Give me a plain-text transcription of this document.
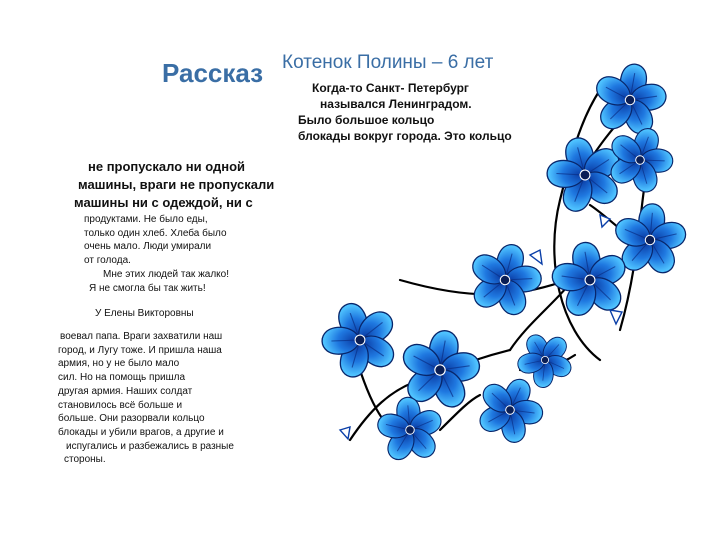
Рассказ Котенок Полины – 6 лет
Когда-то Санкт- Петербург
назывался Ленинградом.
Было большое кольцо
блокады вокруг города. Это кольцо
не пропускало ни одной
машины, враги не пропускали
машины ни с одеждой, ни с
продуктами. Не было еды,
только один хлеб. Хлеба было
очень мало. Люди умирали
от голода.
Мне этих людей так жалко!
Я не смогла бы так жить!
У Елены Викторовны
воевал папа. Враги захватили наш
город, и Лугу тоже. И пришла наша
армия, но у не было мало
сил. Но на помощь пришла
другая армия. Наших солдат
становилось всё больше и
больше. Они разорвали кольцо
блокады и убили врагов, а другие и
испугались и разбежались в разные
стороны.
